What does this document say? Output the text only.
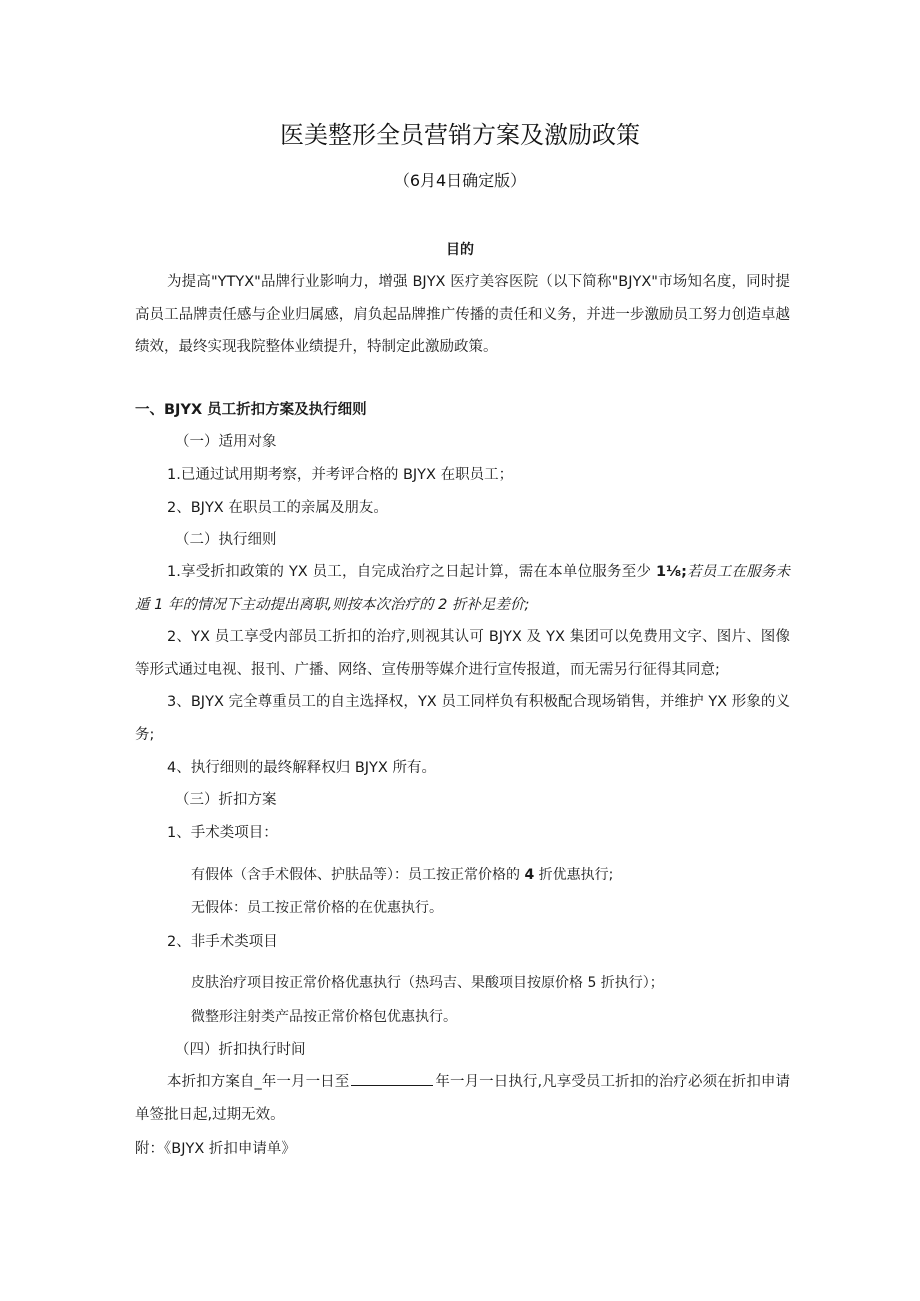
医美整形全员营销方案及激励政策
（6月4日确定版）
目的

为提高"YTYX"品牌行业影响力，增强 BJYX 医疗美容医院（以下简称"BJYX"市场知名度，同时提高员工品牌责任感与企业归属感，肩负起品牌推广传播的责任和义务，并进一步激励员工努力创造卓越绩效，最终实现我院整体业绩提升，特制定此激励政策。

一、BJYX 员工折扣方案及执行细则

（一）适用对象

1.已通过试用期考察，并考评合格的 BJYX 在职员工；

2、BJYX 在职员工的亲属及朋友。

（二）执行细则

1.享受折扣政策的 YX 员工，自完成治疗之日起计算，需在本单位服务至少 1⅛;若员工在服务未遁 1 年的情况下主动提出离职,则按本次治疗的 2 折补足差价;

2、YX 员工享受内部员工折扣的治疗,则视其认可 BJYX 及 YX 集团可以免费用文字、图片、图像等形式通过电视、报刊、广播、网络、宣传册等媒介进行宣传报道，而无需另行征得其同意;

3、BJYX 完全尊重员工的自主选择权，YX 员工同样负有积极配合现场销售，并维护 YX 形象的义务;

4、执行细则的最终解释权归 BJYX 所有。

（三）折扣方案

1、手术类项目：

有假体（含手术假体、护肤品等）：员工按正常价格的 4 折优惠执行;

无假体：员工按正常价格的在优惠执行。

2、非手术类项目

皮肤治疗项目按正常价格优惠执行（热玛吉、果酸项目按原价格 5 折执行）；

微整形注射类产品按正常价格包优惠执行。

（四）折扣执行时间

本折扣方案自_年一月一日至	年一月一日执行,凡享受员工折扣的治疗必须在折扣申请单签批日起,过期无效。

附：《BJYX 折扣申请单》
